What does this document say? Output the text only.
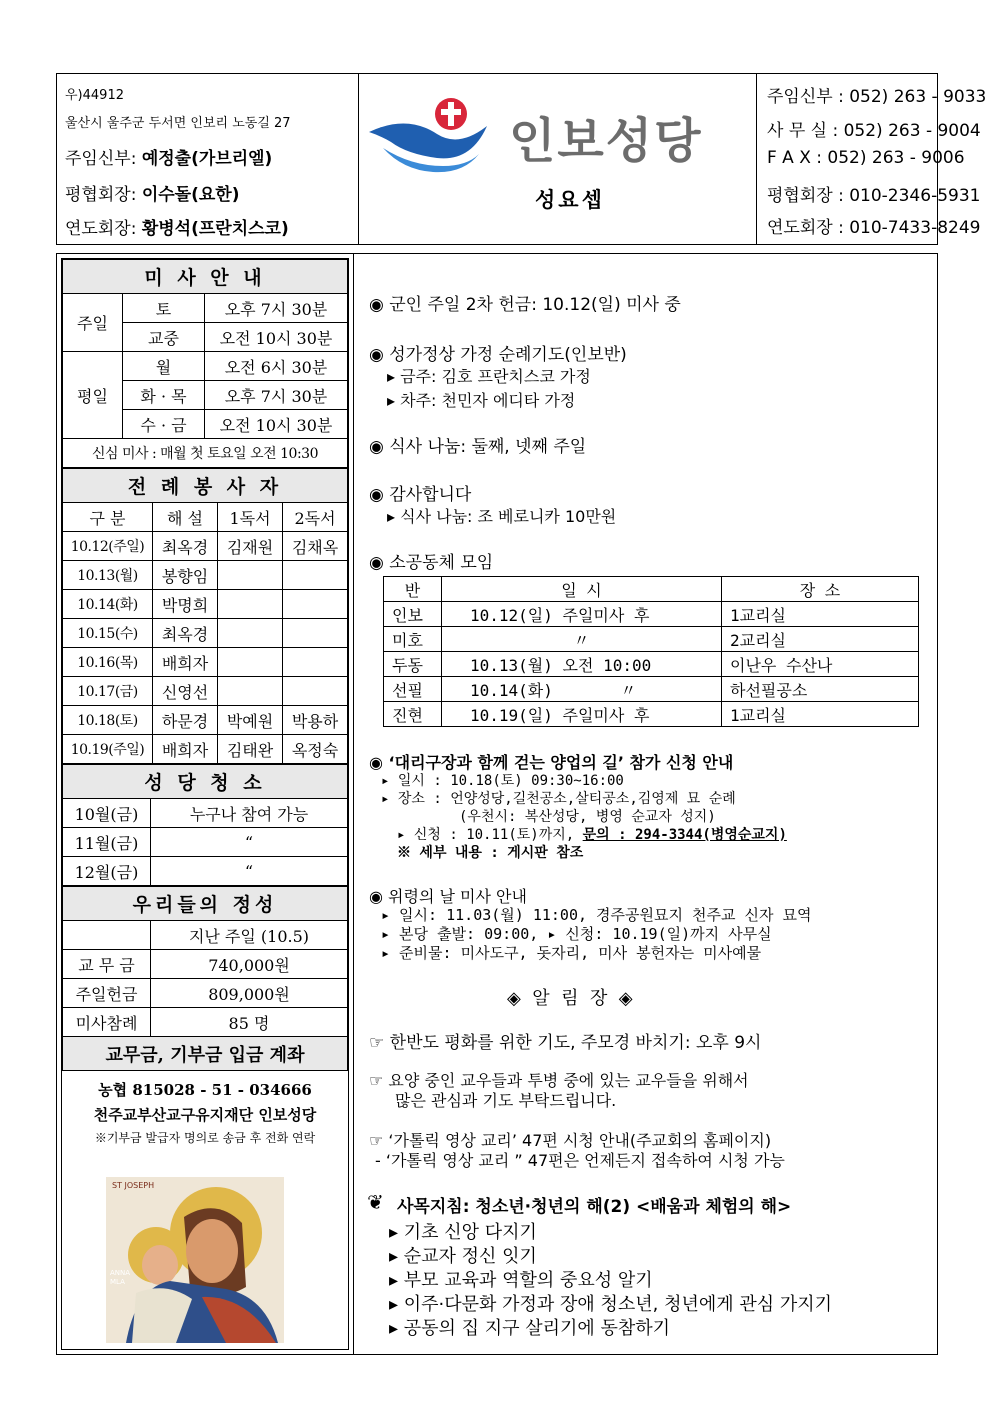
우)44912
울산시 울주군 두서면 인보리 노동길 27
주임신부: 예정출(가브리엘)
평협회장: 이수돌(요한)
연도회장: 황병석(프란치스코)
인보성당
성요셉
주임신부 : 052) 263 - 9033
사 무 실 : 052) 263 - 9004
F A X : 052) 263 - 9006
평협회장 : 010-2346-5931
연도회장 : 010-7433-8249
미 사 안 내		
주일	토	오후 7시 30분
	교중	오전 10시 30분
평일	월	오전 6시 30분
	화 · 목	오후 7시 30분
	수 · 금	오전 10시 30분
신심 미사 : 매월 첫 토요일 오전 10:30		
전 례 봉 사 자			
구 분	해 설	1독서	2독서
10.12(주일)	최옥경	김재원	김채옥
10.13(월)	봉향임		
10.14(화)	박명희		
10.15(수)	최옥경		
10.16(목)	배희자		
10.17(금)	신영선		
10.18(토)	하문경	박예원	박용하
10.19(주일)	배희자	김태완	옥정숙
성 당 청 소	
10월(금)	누구나 참여 가능
11월(금)	“
12월(금)	“
우리들의 정성	
	지난 주일 (10.5)
교 무 금	740,000원
주일헌금	809,000원
미사참례	85 명
교무금, 기부금 입금 계좌	
농협 815028 - 51 - 034666
천주교부산교구유지재단 인보성당
※기부금 발급자 명의로 송금 후 전화 연락
ST JOSEPH
ANNA MLA
◉ 군인 주일 2차 헌금: 10.12(일) 미사 중
◉ 성가정상 가정 순례기도(인보반)
▸ 금주: 김호 프란치스코 가정
▸ 차주: 천민자 에디타 가정
◉ 식사 나눔: 둘째, 넷째 주일
◉ 감사합니다
▸ 식사 나눔: 조 베로니카 10만원
◉ 소공동체 모임
반	일 시	장 소
인보	10.12(일) 주일미사 후	1교리실
미호	〃	2교리실
두동	10.13(월) 오전 10:00	이난우 수산나
선필	10.14(화)       〃	하선필공소
진현	10.19(일) 주일미사 후	1교리실
◉ ‘대리구장과 함께 걷는 양업의 길’ 참가 신청 안내
▸ 일시 : 10.18(토) 09:30~16:00
▸ 장소 : 언양성당,길천공소,살티공소,김영제 묘 순례
(우천시: 복산성당, 병영 순교자 성지)
▸ 신청 : 10.11(토)까지, 문의 : 294-3344(병영순교지)
※ 세부 내용 : 게시판 참조
◉ 위령의 날 미사 안내
▸ 일시: 11.03(월) 11:00, 경주공원묘지 천주교 신자 묘역
▸ 본당 출발: 09:00, ▸ 신청: 10.19(일)까지 사무실
▸ 준비물: 미사도구, 돗자리, 미사 봉헌자는 미사예물
◈  알  림  장  ◈
☞ 한반도 평화를 위한 기도, 주모경 바치기: 오후 9시
☞ 요양 중인 교우들과 투병 중에 있는 교우들을 위해서
많은 관심과 기도 부탁드립니다.
☞ ‘가톨릭 영상 교리’ 47편 시청 안내(주교회의 홈페이지)
- ‘가톨릭 영상 교리 ” 47편은 언제든지 접속하여 시청 가능
❦ 사목지침: 청소년·청년의 해(2) <배움과 체험의 해>
▸ 기초 신앙 다지기
▸ 순교자 정신 잇기
▸ 부모 교육과 역할의 중요성 알기
▸ 이주·다문화 가정과 장애 청소년, 청년에게 관심 가지기
▸ 공동의 집 지구 살리기에 동참하기
